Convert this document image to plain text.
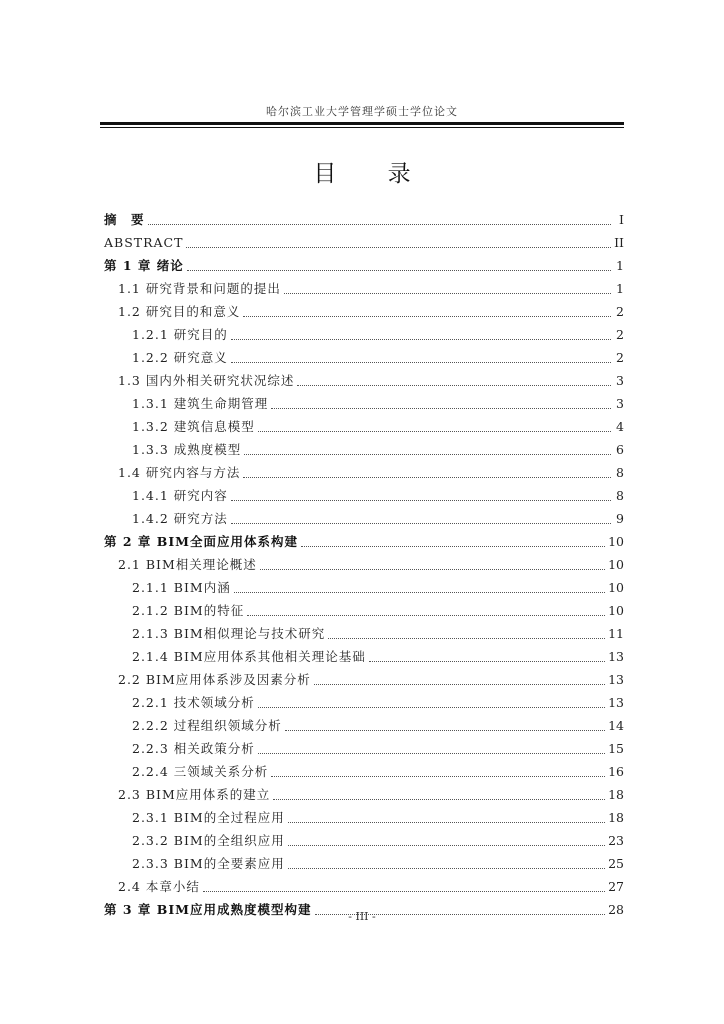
哈尔滨工业大学管理学硕士学位论文
目 录
摘　要	I
ABSTRACT	II
第 1 章 绪论	1
1.1 研究背景和问题的提出	1
1.2 研究目的和意义	2
1.2.1 研究目的	2
1.2.2 研究意义	2
1.3 国内外相关研究状况综述	3
1.3.1 建筑生命期管理	3
1.3.2 建筑信息模型	4
1.3.3 成熟度模型	6
1.4 研究内容与方法	8
1.4.1 研究内容	8
1.4.2 研究方法	9
第 2 章 BIM全面应用体系构建	10
2.1 BIM相关理论概述	10
2.1.1 BIM内涵	10
2.1.2 BIM的特征	10
2.1.3 BIM相似理论与技术研究	11
2.1.4 BIM应用体系其他相关理论基础	13
2.2 BIM应用体系涉及因素分析	13
2.2.1 技术领域分析	13
2.2.2 过程组织领域分析	14
2.2.3 相关政策分析	15
2.2.4 三领域关系分析	16
2.3 BIM应用体系的建立	18
2.3.1 BIM的全过程应用	18
2.3.2 BIM的全组织应用	23
2.3.3 BIM的全要素应用	25
2.4 本章小结	27
第 3 章 BIM应用成熟度模型构建	28
- III -
